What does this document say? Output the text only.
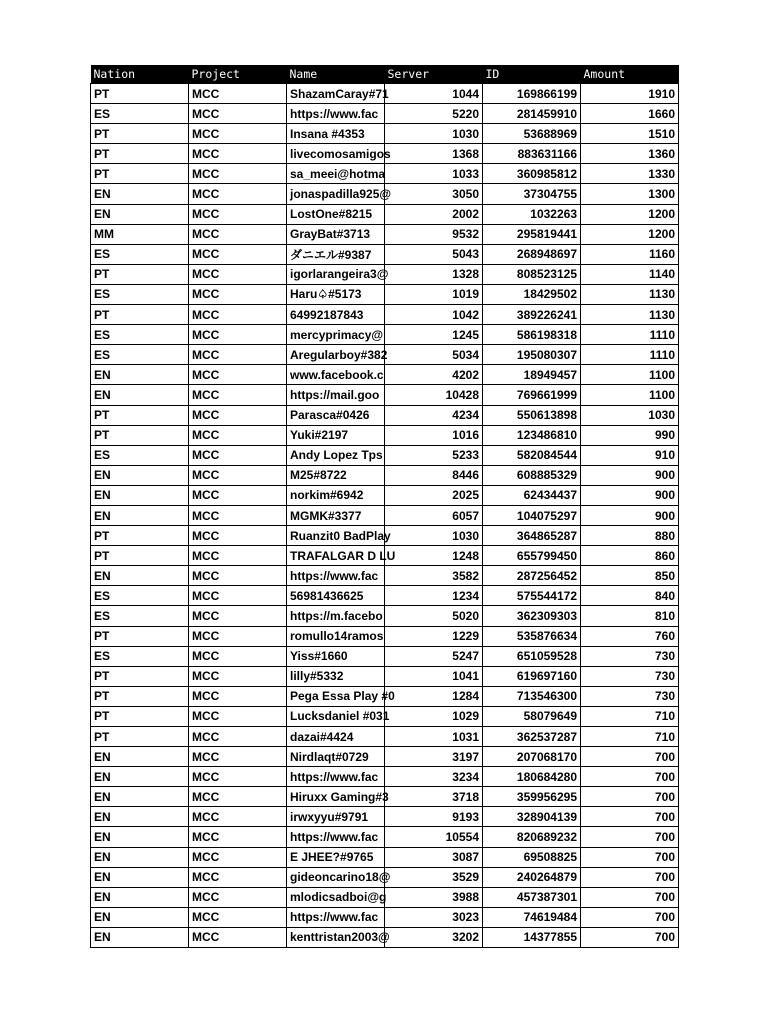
Nation	Project	Name	Server	ID	Amount
PT	MCC	ShazamCaray#71	1044	169866199	1910
ES	MCC	https://www.fac	5220	281459910	1660
PT	MCC	Insana #4353	1030	53688969	1510
PT	MCC	livecomosamigos	1368	883631166	1360
PT	MCC	sa_meei@hotma	1033	360985812	1330
EN	MCC	jonaspadilla925@	3050	37304755	1300
EN	MCC	LostOne#8215	2002	1032263	1200
MM	MCC	GrayBat#3713	9532	295819441	1200
ES	MCC	ダニエル#9387	5043	268948697	1160
PT	MCC	igorlarangeira3@	1328	808523125	1140
ES	MCC	Haru♤#5173	1019	18429502	1130
PT	MCC	64992187843	1042	389226241	1130
ES	MCC	mercyprimacy@	1245	586198318	1110
ES	MCC	Aregularboy#382	5034	195080307	1110
EN	MCC	www.facebook.c	4202	18949457	1100
EN	MCC	https://mail.goo	10428	769661999	1100
PT	MCC	Parasca#0426	4234	550613898	1030
PT	MCC	Yuki#2197	1016	123486810	990
ES	MCC	Andy Lopez Tps	5233	582084544	910
EN	MCC	M25#8722	8446	608885329	900
EN	MCC	norkim#6942	2025	62434437	900
EN	MCC	MGMK#3377	6057	104075297	900
PT	MCC	Ruanzit0 BadPlay	1030	364865287	880
PT	MCC	TRAFALGAR D LU	1248	655799450	860
EN	MCC	https://www.fac	3582	287256452	850
ES	MCC	56981436625	1234	575544172	840
ES	MCC	https://m.facebo	5020	362309303	810
PT	MCC	romullo14ramos	1229	535876634	760
ES	MCC	Yiss#1660	5247	651059528	730
PT	MCC	lilly#5332	1041	619697160	730
PT	MCC	Pega Essa Play #0	1284	713546300	730
PT	MCC	Lucksdaniel #031	1029	58079649	710
PT	MCC	dazai#4424	1031	362537287	710
EN	MCC	Nirdlaqt#0729	3197	207068170	700
EN	MCC	https://www.fac	3234	180684280	700
EN	MCC	Hiruxx Gaming#3	3718	359956295	700
EN	MCC	irwxyyu#9791	9193	328904139	700
EN	MCC	https://www.fac	10554	820689232	700
EN	MCC	E JHEE?#9765	3087	69508825	700
EN	MCC	gideoncarino18@	3529	240264879	700
EN	MCC	mlodicsadboi@g	3988	457387301	700
EN	MCC	https://www.fac	3023	74619484	700
EN	MCC	kenttristan2003@	3202	14377855	700
